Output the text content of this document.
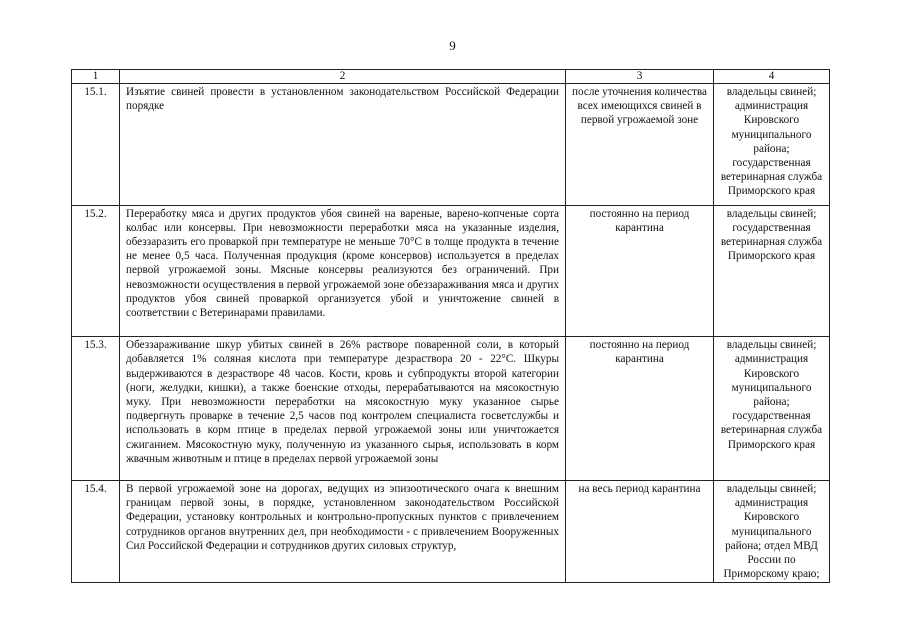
9
1	2	3	4
15.1.	Изъятие свиней провести в установленном законодательством Российской Федерации порядке	после уточнения количества всех имеющихся свиней в первой угрожаемой зоне	владельцы свиней; администрация Кировского муниципального района; государственная ветеринарная служба Приморского края
15.2.	Переработку мяса и других продуктов убоя свиней на вареные, варено-копченые сорта колбас или консервы. При невозможности переработки мяса на указанные изделия, обеззаразить его проваркой при температуре не меньше 70°С в толще продукта в течение не менее 0,5 часа. Полученная продукция (кроме консервов) используется в пределах первой угрожаемой зоны. Мясные консервы реализуются без ограничений. При невозможности осуществления в первой угрожаемой зоне обеззараживания мяса и других продуктов убоя свиней проваркой организуется убой и уничтожение свиней в соответствии с Ветеринарами правилами.	постоянно на период карантина	владельцы свиней; государственная ветеринарная служба Приморского края
15.3.	Обеззараживание шкур убитых свиней в 26% растворе поваренной соли, в который добавляется 1% соляная кислота при температуре дезраствора 20 - 22°С. Шкуры выдерживаются в дезрастворе 48 часов. Кости, кровь и субпродукты второй категории (ноги, желудки, кишки), а также боенские отходы, перерабатываются на мясокостную муку. При невозможности переработки на мясокостную муку указанное сырье подвергнуть проварке в течение 2,5 часов под контролем специалиста госветслужбы и использовать в корм птице в пределах первой угрожаемой зоны или уничтожается сжиганием. Мясокостную муку, полученную из указанного сырья, использовать в корм жвачным животным и птице в пределах первой угрожаемой зоны	постоянно на период карантина	владельцы свиней; администрация Кировского муниципального района; государственная ветеринарная служба Приморского края
15.4.	В первой угрожаемой зоне на дорогах, ведущих из эпизоотического очага к внешним границам первой зоны, в порядке, установленном законодательством Российской Федерации, установку контрольных и контрольно-пропускных пунктов с привлечением сотрудников органов внутренних дел, при необходимости - с привлечением Вооруженных Сил Российской Федерации и сотрудников других силовых структур,	на весь период карантина	владельцы свиней; администрация Кировского муниципального района; отдел МВД России по Приморскому краю;
